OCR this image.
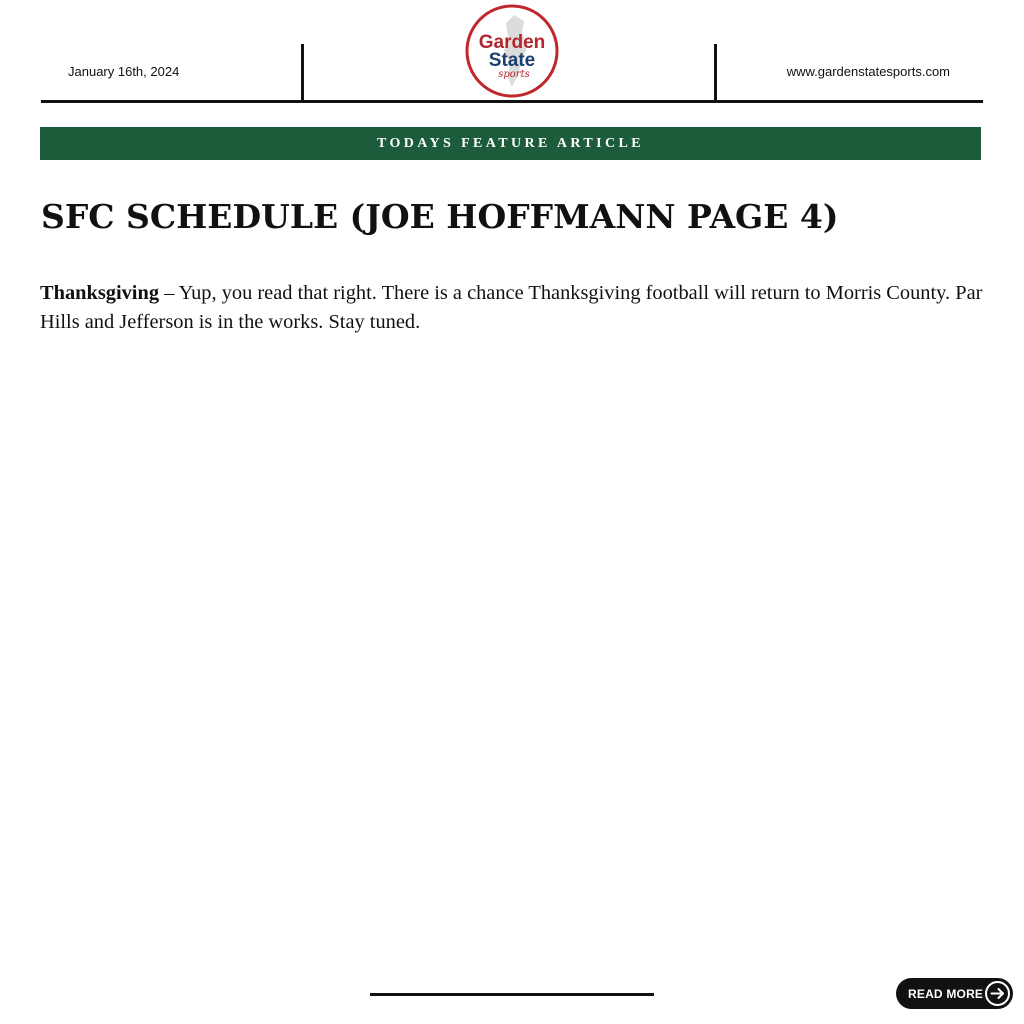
January 16th, 2024
Garden
State
sports	www.gardenstatesports.com
TODAYS FEATURE ARTICLE
SFC SCHEDULE (JOE HOFFMANN PAGE 4)

Thanksgiving – Yup, you read that right. There is a chance Thanksgiving football will return to Morris County. Par Hills and Jefferson is in the works. Stay tuned.

READ MORE
